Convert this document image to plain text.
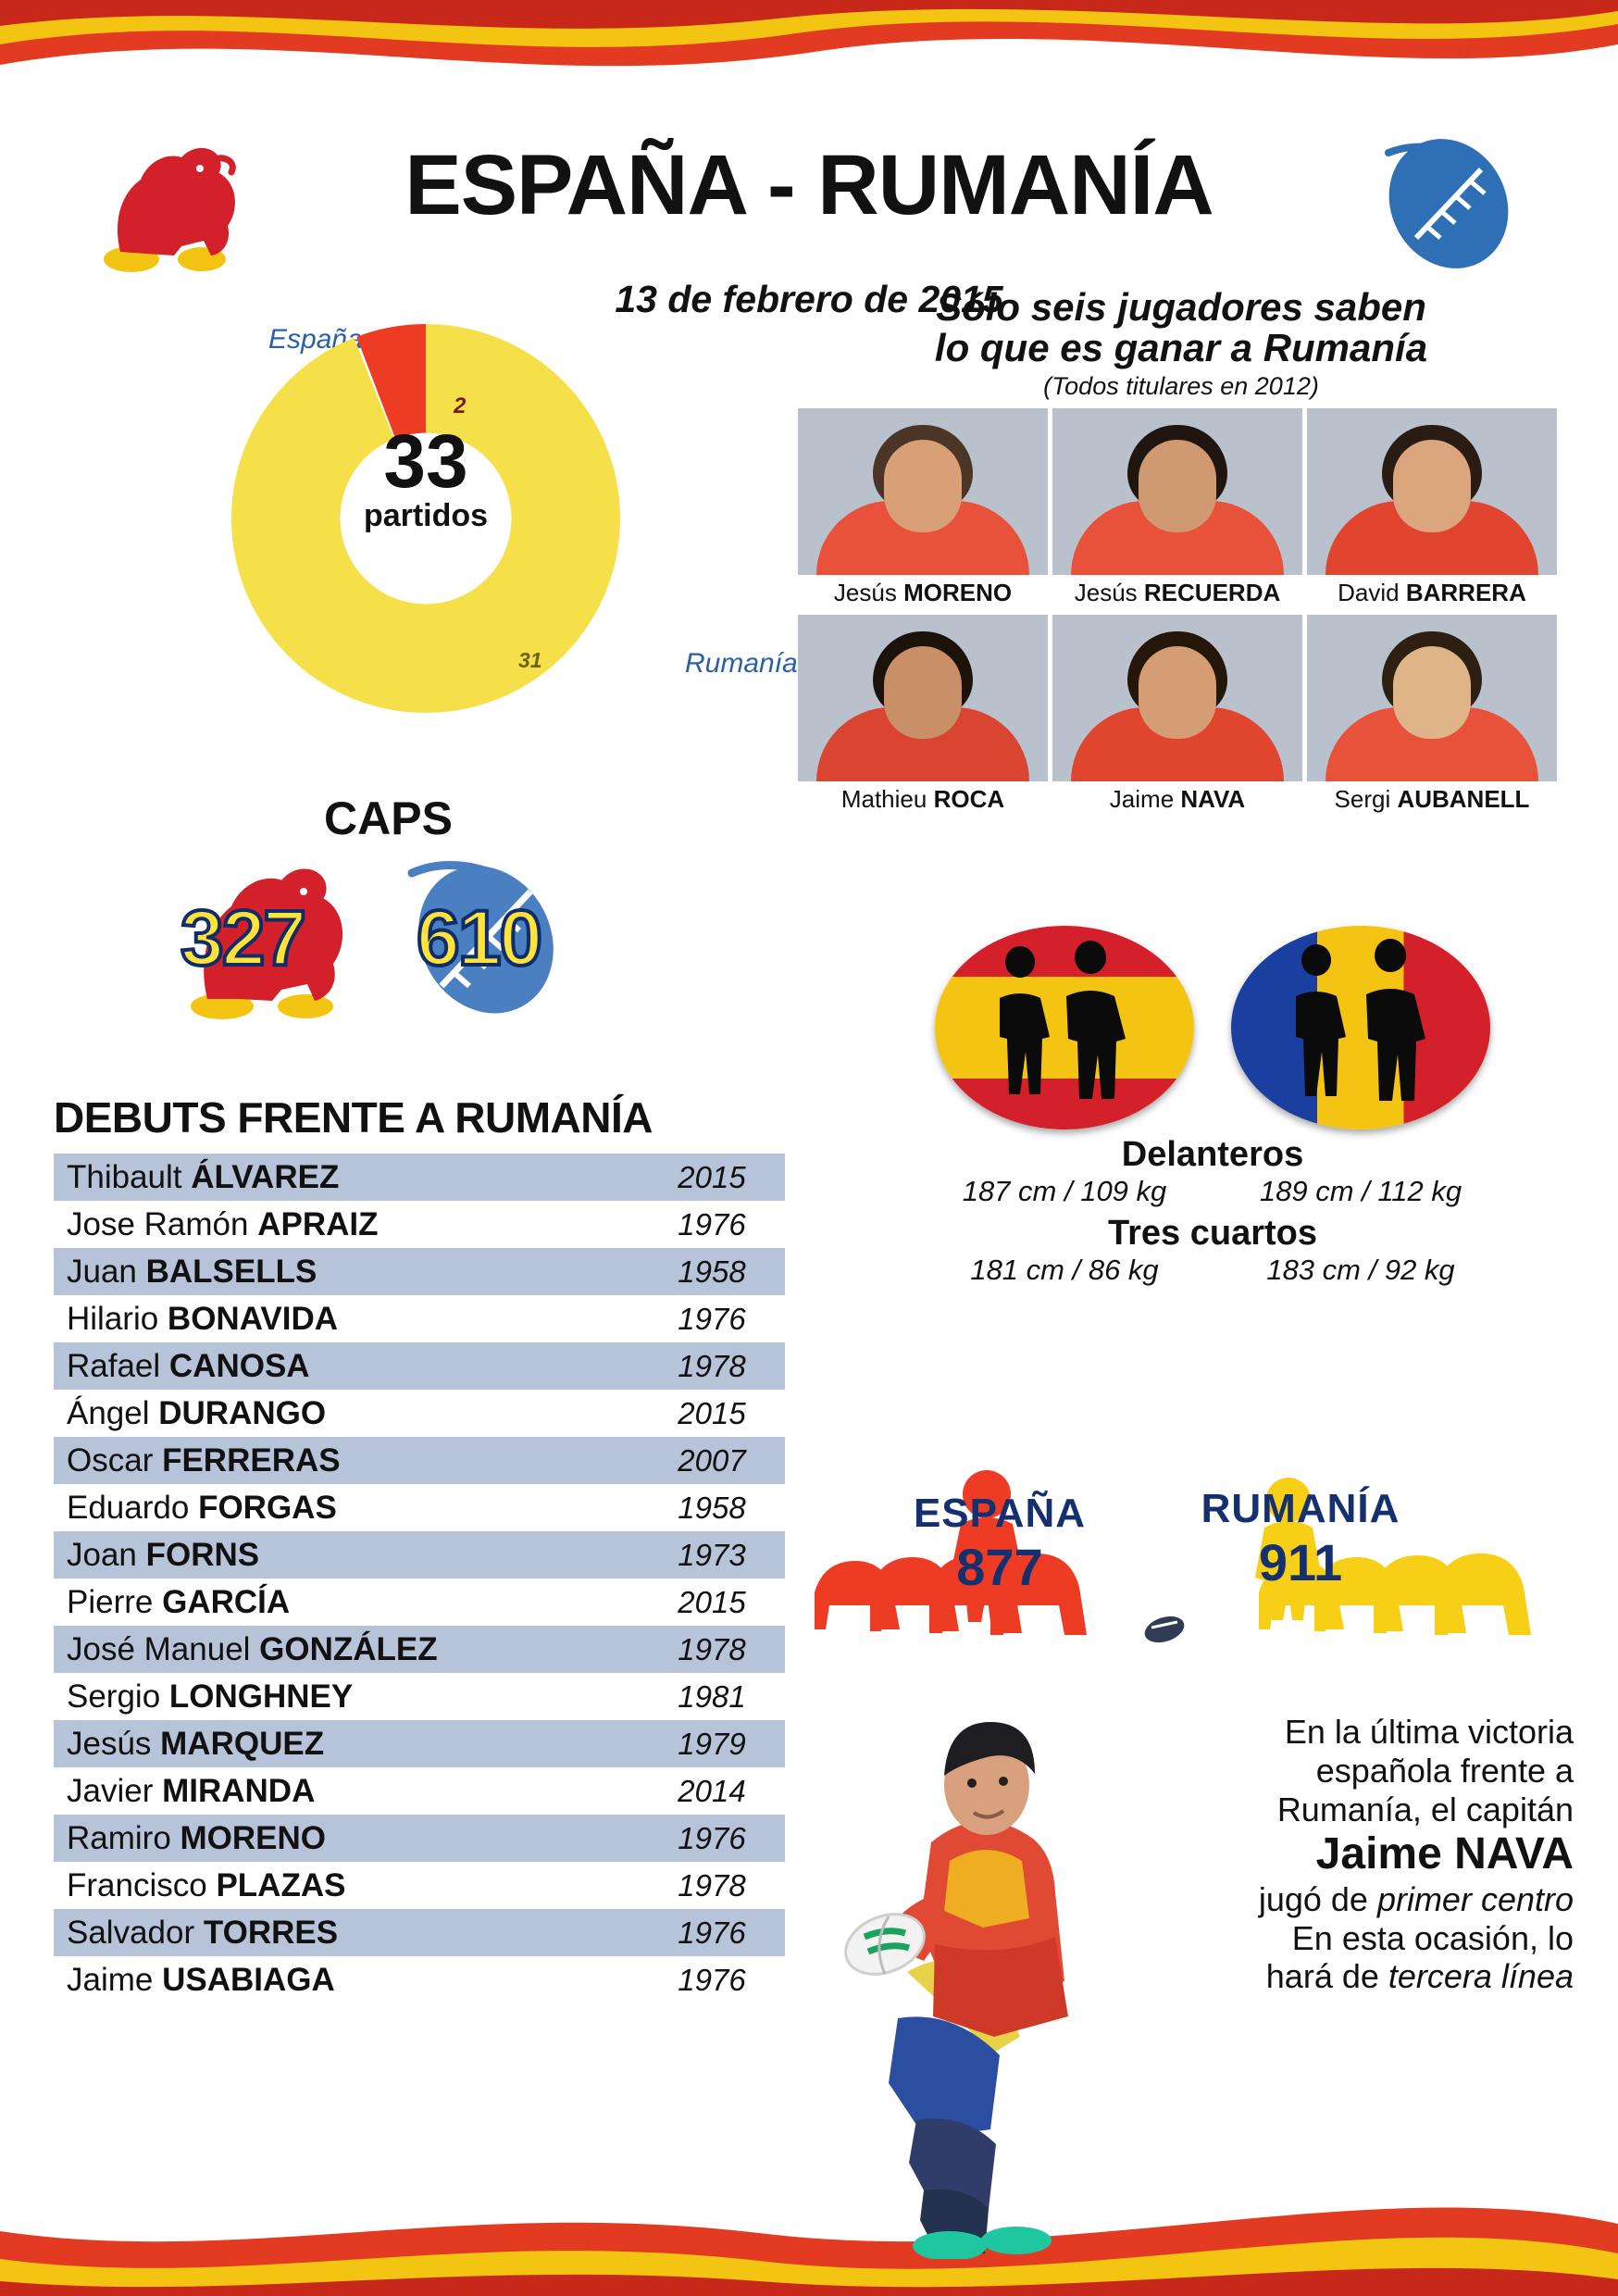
ESPAÑA - RUMANÍA
13 de febrero de 2015
España
Rumanía
33
partidos
2
31
CAPS
327 610
DEBUTS FRENTE A RUMANÍA
Thibault ÁLVAREZ	2015
Jose Ramón APRAIZ	1976
Juan BALSELLS	1958
Hilario BONAVIDA	1976
Rafael CANOSA	1978
Ángel DURANGO	2015
Oscar FERRERAS	2007
Eduardo FORGAS	1958
Joan FORNS	1973
Pierre GARCÍA	2015
José Manuel GONZÁLEZ	1978
Sergio LONGHNEY	1981
Jesús MARQUEZ	1979
Javier MIRANDA	2014
Ramiro MORENO	1976
Francisco PLAZAS	1978
Salvador TORRES	1976
Jaime USABIAGA	1976
Sólo seis jugadores saben
lo que es ganar a Rumanía
(Todos titulares en 2012)
Jesús MORENO	Jesús RECUERDA	David BARRERA
Mathieu ROCA	Jaime NAVA	Sergi AUBANELL
Delanteros
187 cm / 109 kg	189 cm / 112 kg
Tres cuartos
181 cm / 86 kg	183 cm / 92 kg
ESPAÑA
877
RUMANÍA
911

En la última victoria

española frente a

Rumanía, el capitán

Jaime NAVA

jugó de primer centro

En esta ocasión, lo

hará de tercera línea
